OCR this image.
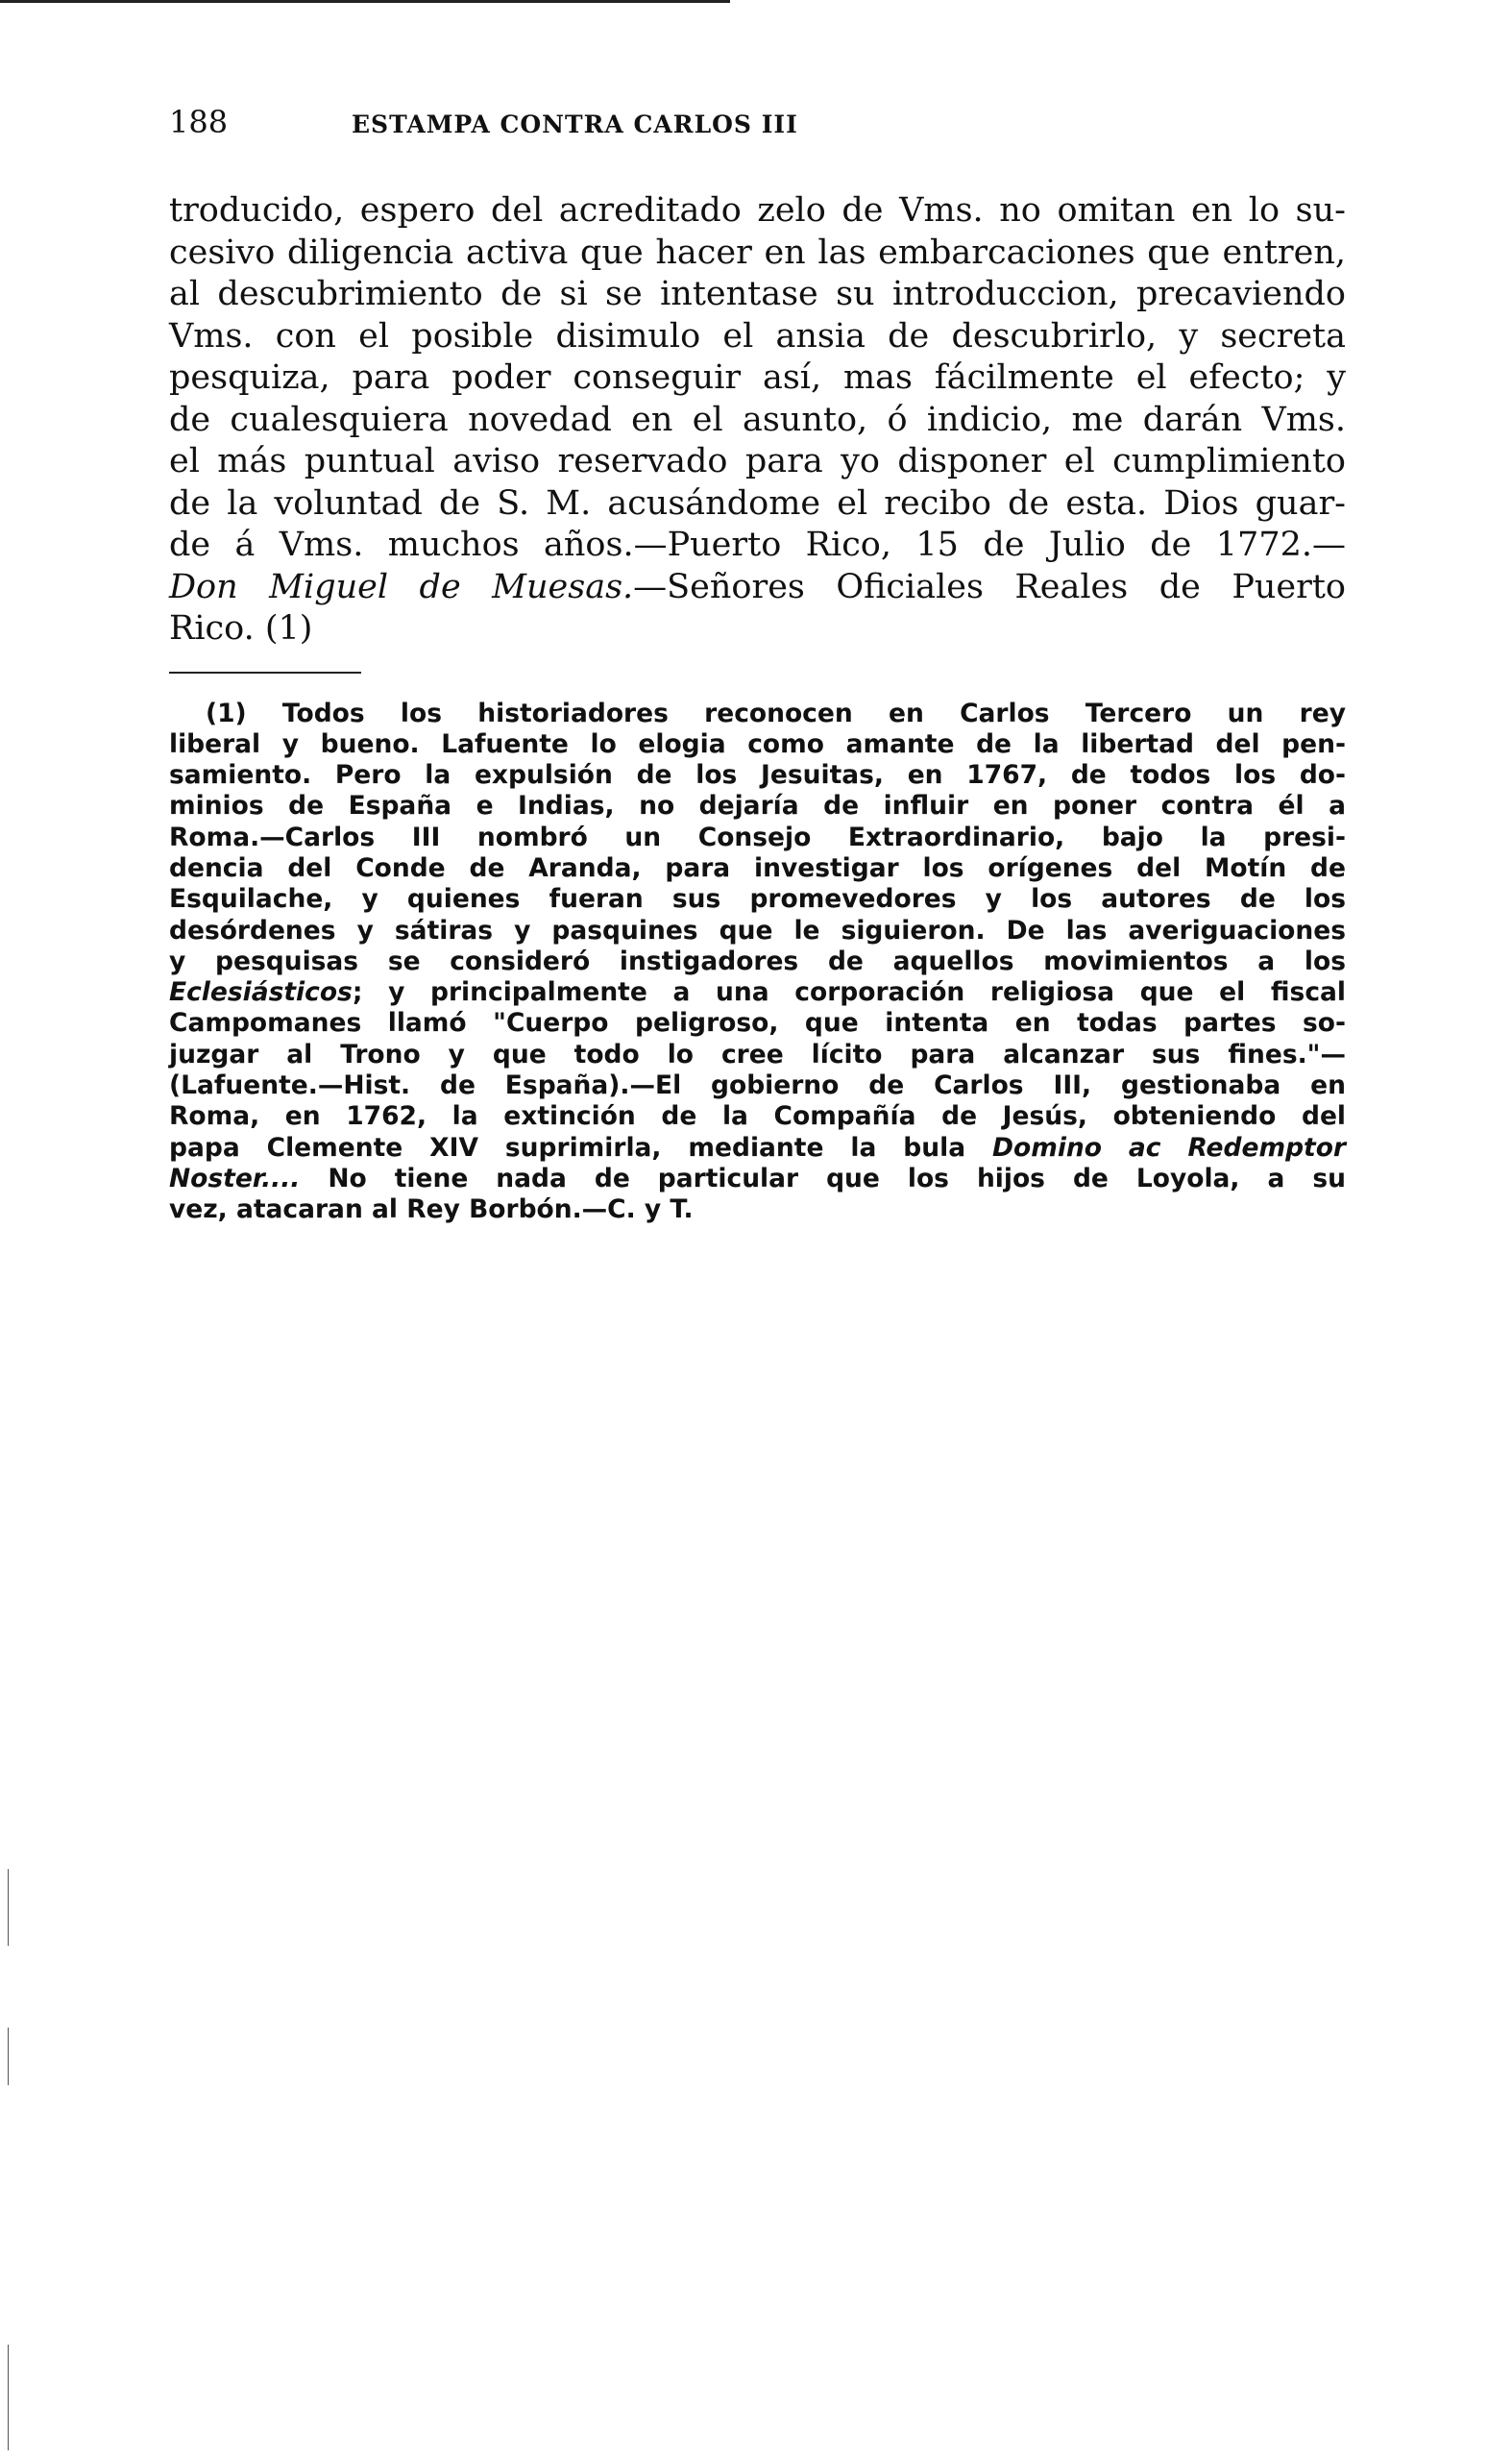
188	ESTAMPA CONTRA CARLOS III
troducido, espero del acreditado zelo de Vms. no omitan en lo su-
cesivo diligencia activa que hacer en las embarcaciones que entren,
al descubrimiento de si se intentase su introduccion, precaviendo
Vms. con el posible disimulo el ansia de descubrirlo, y secreta
pesquiza, para poder conseguir así, mas fácilmente el efecto; y
de cualesquiera novedad en el asunto, ó indicio, me darán Vms.
el más puntual aviso reservado para yo disponer el cumplimiento
de la voluntad de S. M. acusándome el recibo de esta. Dios guar-
de á Vms. muchos años.—Puerto Rico, 15 de Julio de 1772.—
Don Miguel de Muesas.—Señores Oficiales Reales de Puerto
Rico. (1)
(1) Todos los historiadores reconocen en Carlos Tercero un rey
liberal y bueno. Lafuente lo elogia como amante de la libertad del pen-
samiento. Pero la expulsión de los Jesuitas, en 1767, de todos los do-
minios de España e Indias, no dejaría de influir en poner contra él a
Roma.—Carlos III nombró un Consejo Extraordinario, bajo la presi-
dencia del Conde de Aranda, para investigar los orígenes del Motín de
Esquilache, y quienes fueran sus promevedores y los autores de los
desórdenes y sátiras y pasquines que le siguieron. De las averiguaciones
y pesquisas se consideró instigadores de aquellos movimientos a los
Eclesiásticos; y principalmente a una corporación religiosa que el fiscal
Campomanes llamó "Cuerpo peligroso, que intenta en todas partes so-
juzgar al Trono y que todo lo cree lícito para alcanzar sus fines."—
(Lafuente.—Hist. de España).—El gobierno de Carlos III, gestionaba en
Roma, en 1762, la extinción de la Compañía de Jesús, obteniendo del
papa Clemente XIV suprimirla, mediante la bula Domino ac Redemptor
Noster.... No tiene nada de particular que los hijos de Loyola, a su
vez, atacaran al Rey Borbón.—C. y T.
